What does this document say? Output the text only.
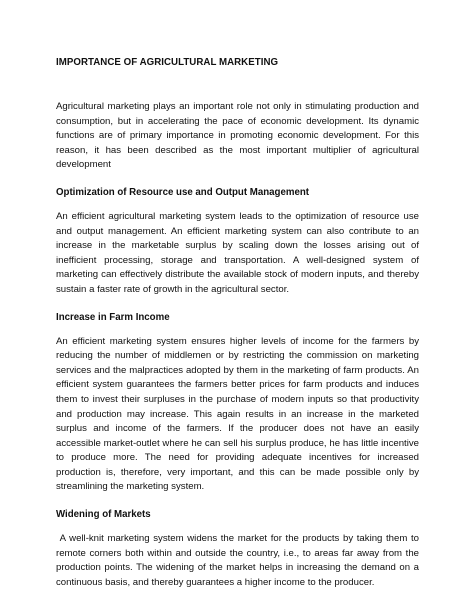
IMPORTANCE OF AGRICULTURAL MARKETING

Agricultural marketing plays an important role not only in stimulating production and consumption, but in accelerating the pace of economic development. Its dynamic functions are of primary importance in promoting economic development. For this reason, it has been described as the most important multiplier of agricultural development

Optimization of Resource use and Output Management

An efficient agricultural marketing system leads to the optimization of resource use and output management. An efficient marketing system can also contribute to an increase in the marketable surplus by scaling down the losses arising out of inefficient processing, storage and transportation. A well-designed system of marketing can effectively distribute the available stock of modern inputs, and thereby sustain a faster rate of growth in the agricultural sector.

Increase in Farm Income

An efficient marketing system ensures higher levels of income for the farmers by reducing the number of middlemen or by restricting the commission on marketing services and the malpractices adopted by them in the marketing of farm products. An efficient system guarantees the farmers better prices for farm products and induces them to invest their surpluses in the purchase of modern inputs so that productivity and production may increase. This again results in an increase in the marketed surplus and income of the farmers. If the producer does not have an easily accessible market-outlet where he can sell his surplus produce, he has little incentive to produce more. The need for providing adequate incentives for increased production is, therefore, very important, and this can be made possible only by streamlining the marketing system.

Widening of Markets

A well-knit marketing system widens the market for the products by taking them to remote corners both within and outside the country, i.e., to areas far away from the production points. The widening of the market helps in increasing the demand on a continuous basis, and thereby guarantees a higher income to the producer.
